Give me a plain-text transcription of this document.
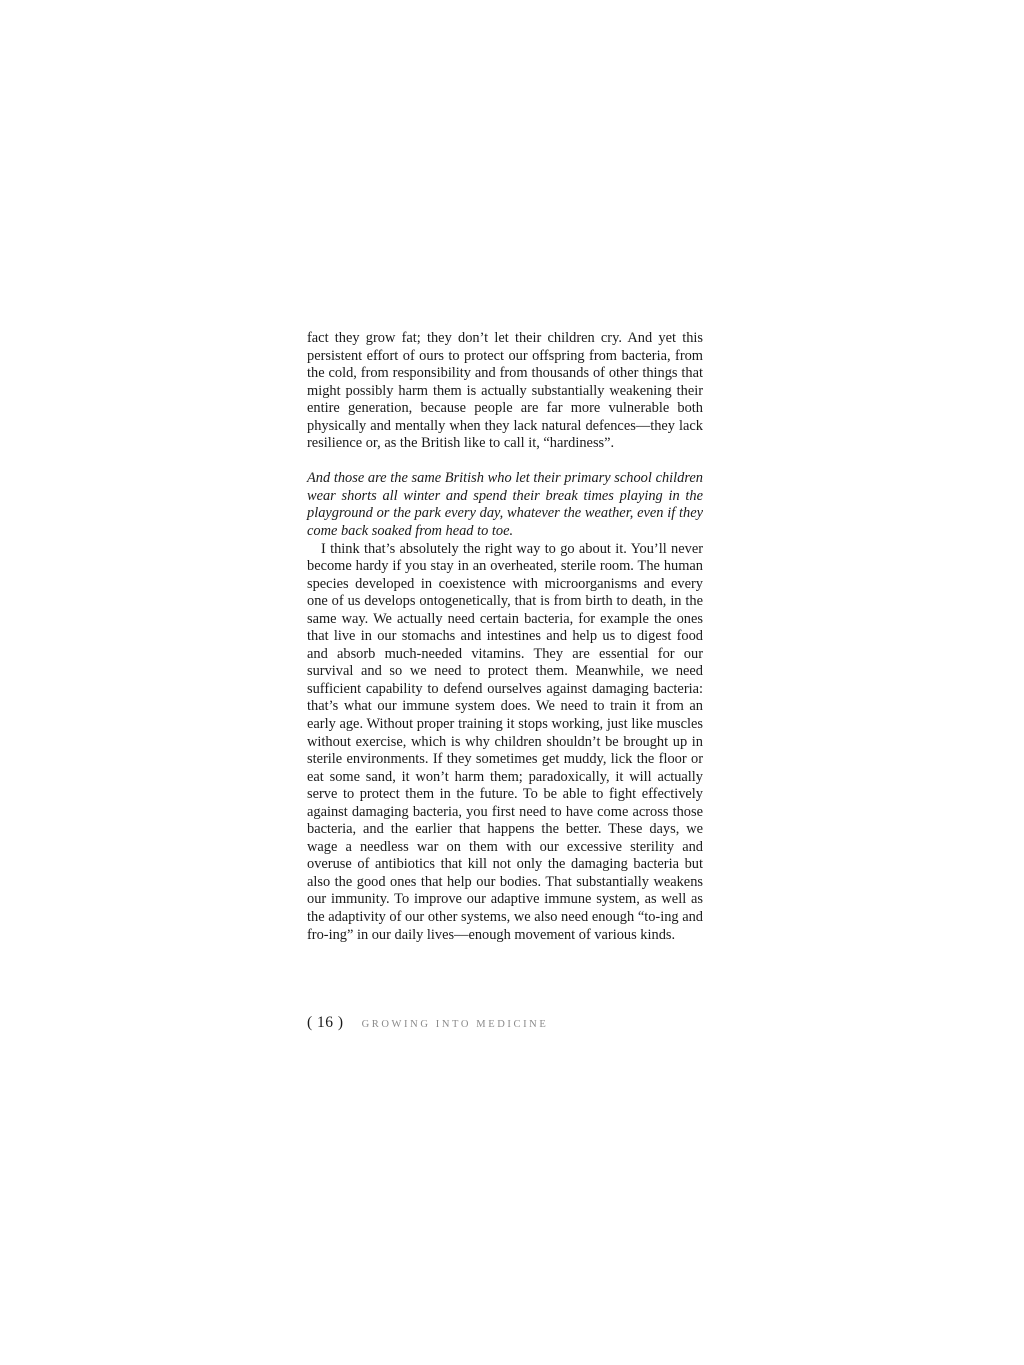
fact they grow fat; they don’t let their children cry. And yet this persistent effort of ours to protect our offspring from bacteria, from the cold, from responsibility and from thousands of other things that might possibly harm them is actually substantially weakening their entire generation, because people are far more vulnerable both physically and mentally when they lack natural defences—they lack resilience or, as the British like to call it, “hardiness”.

And those are the same British who let their primary school children wear shorts all winter and spend their break times playing in the playground or the park every day, whatever the weather, even if they come back soaked from head to toe.

I think that’s absolutely the right way to go about it. You’ll never become hardy if you stay in an overheated, sterile room. The human species developed in coexistence with microorganisms and every one of us develops ontogenetically, that is from birth to death, in the same way. We actually need certain bacteria, for example the ones that live in our stomachs and intestines and help us to digest food and absorb much-needed vitamins. They are essential for our survival and so we need to protect them. Meanwhile, we need sufficient capability to defend ourselves against damaging bacteria: that’s what our immune system does. We need to train it from an early age. Without proper training it stops working, just like muscles without exercise, which is why children shouldn’t be brought up in sterile environments. If they sometimes get muddy, lick the floor or eat some sand, it won’t harm them; paradoxically, it will actually serve to protect them in the future. To be able to fight effectively against damaging bacteria, you first need to have come across those bacteria, and the earlier that happens the better. These days, we wage a needless war on them with our excessive sterility and overuse of antibiotics that kill not only the damaging bacteria but also the good ones that help our bodies. That substantially weakens our immunity. To improve our adaptive immune system, as well as the adaptivity of our other systems, we also need enough “to-ing and fro-ing” in our daily lives—enough movement of various kinds.

( 16 ) GROWING INTO MEDICINE
